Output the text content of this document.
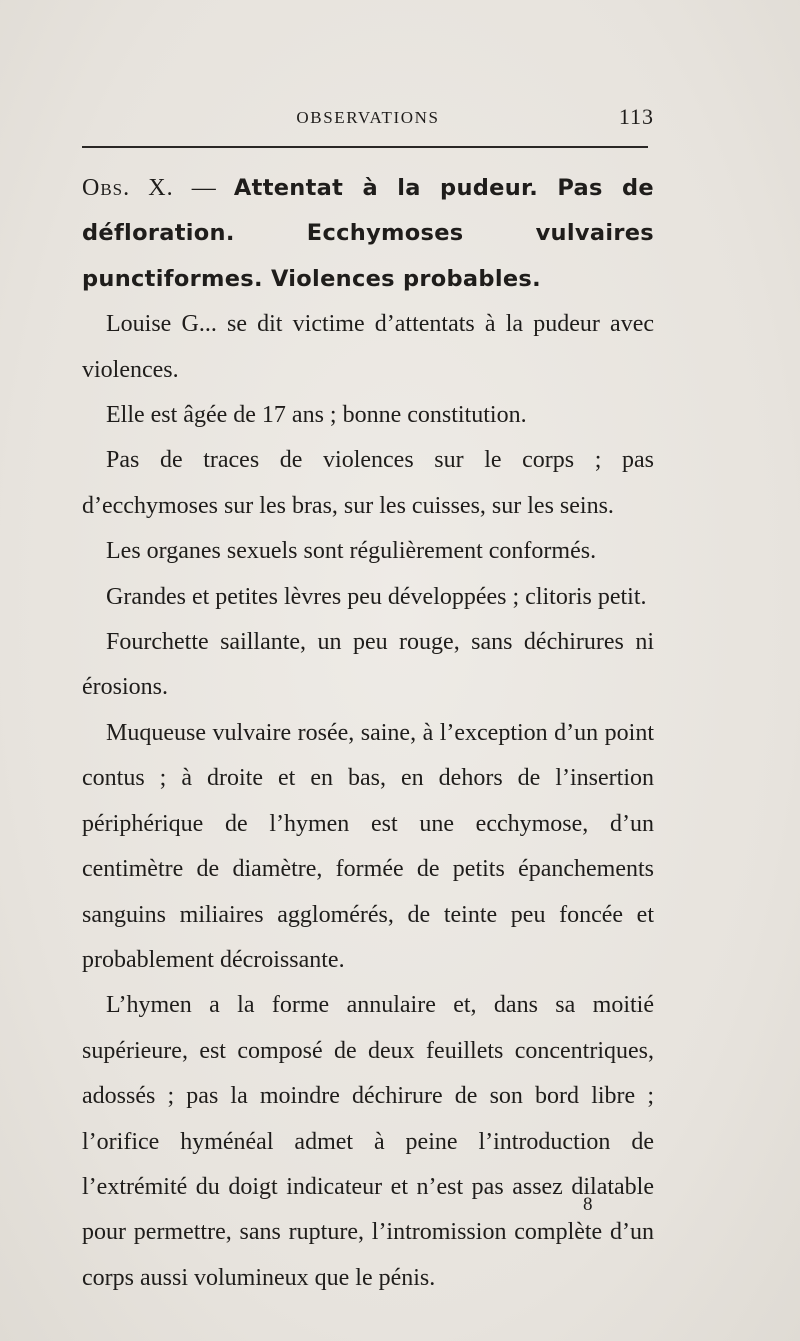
OBSERVATIONS	113

Obs. X. — Attentat à la pudeur. Pas de défloration. Ecchymoses vulvaires punctiformes. Violences probables.

Louise G... se dit victime d’attentats à la pudeur avec violences.

Elle est âgée de 17 ans ; bonne constitution.

Pas de traces de violences sur le corps ; pas d’ecchymoses sur les bras, sur les cuisses, sur les seins.

Les organes sexuels sont régulièrement conformés.

Grandes et petites lèvres peu développées ; clitoris petit.

Fourchette saillante, un peu rouge, sans déchirures ni érosions.

Muqueuse vulvaire rosée, saine, à l’exception d’un point contus ; à droite et en bas, en dehors de l’insertion périphérique de l’hymen est une ecchymose, d’un centimètre de diamètre, formée de petits épanchements sanguins miliaires agglomérés, de teinte peu foncée et probablement décroissante.

L’hymen a la forme annulaire et, dans sa moitié supérieure, est composé de deux feuillets concentriques, adossés ; pas la moindre déchirure de son bord libre ; l’orifice hyménéal admet à peine l’introduction de l’extrémité du doigt indicateur et n’est pas assez dilatable pour permettre, sans rupture, l’intromission complète d’un corps aussi volumineux que le pénis.

8
